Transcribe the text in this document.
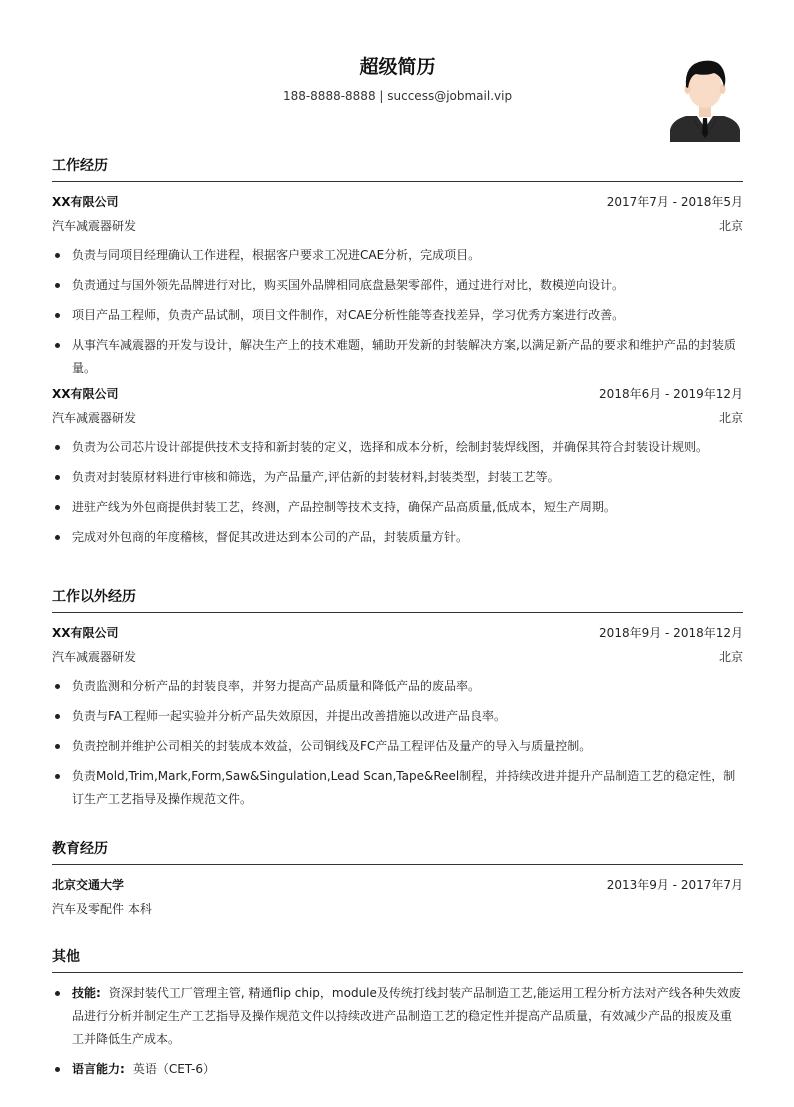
超级简历
188-8888-8888 | success@jobmail.vip
工作经历
XX有限公司	2017年7月 - 2018年5月
汽车减震器研发	北京
负责与同项目经理确认工作进程，根据客户要求工况进CAE分析，完成项目。
负责通过与国外领先品牌进行对比，购买国外品牌相同底盘悬架零部件，通过进行对比，数模逆向设计。
项目产品工程师，负责产品试制，项目文件制作，对CAE分析性能等查找差异，学习优秀方案进行改善。
从事汽车减震器的开发与设计，解决生产上的技术难题，辅助开发新的封装解决方案,以满足新产品的要求和维护产品的封装质量。
XX有限公司	2018年6月 - 2019年12月
汽车减震器研发	北京
负责为公司芯片设计部提供技术支持和新封装的定义，选择和成本分析，绘制封装焊线图，并确保其符合封装设计规则。
负责对封装原材料进行审核和筛选，为产品量产,评估新的封装材料,封装类型，封装工艺等。
进驻产线为外包商提供封装工艺，终测，产品控制等技术支持，确保产品高质量,低成本，短生产周期。
完成对外包商的年度稽核，督促其改进达到本公司的产品，封装质量方针。
工作以外经历
XX有限公司	2018年9月 - 2018年12月
汽车减震器研发	北京
负责监测和分析产品的封装良率，并努力提高产品质量和降低产品的废品率。
负责与FA工程师一起实验并分析产品失效原因，并提出改善措施以改进产品良率。
负责控制并维护公司相关的封装成本效益，公司铜线及FC产品工程评估及量产的导入与质量控制。
负责Mold,Trim,Mark,Form,Saw&Singulation,Lead Scan,Tape&Reel制程，并持续改进并提升产品制造工艺的稳定性，制订生产工艺指导及操作规范文件。
教育经历
北京交通大学	2013年9月 - 2017年7月
汽车及零配件 本科
其他
技能: 资深封装代工厂管理主管, 精通flip chip，module及传统打线封装产品制造工艺,能运用工程分析方法对产线各种失效废品进行分析并制定生产工艺指导及操作规范文件以持续改进产品制造工艺的稳定性并提高产品质量，有效减少产品的报废及重工并降低生产成本。
语言能力: 英语（CET-6）
